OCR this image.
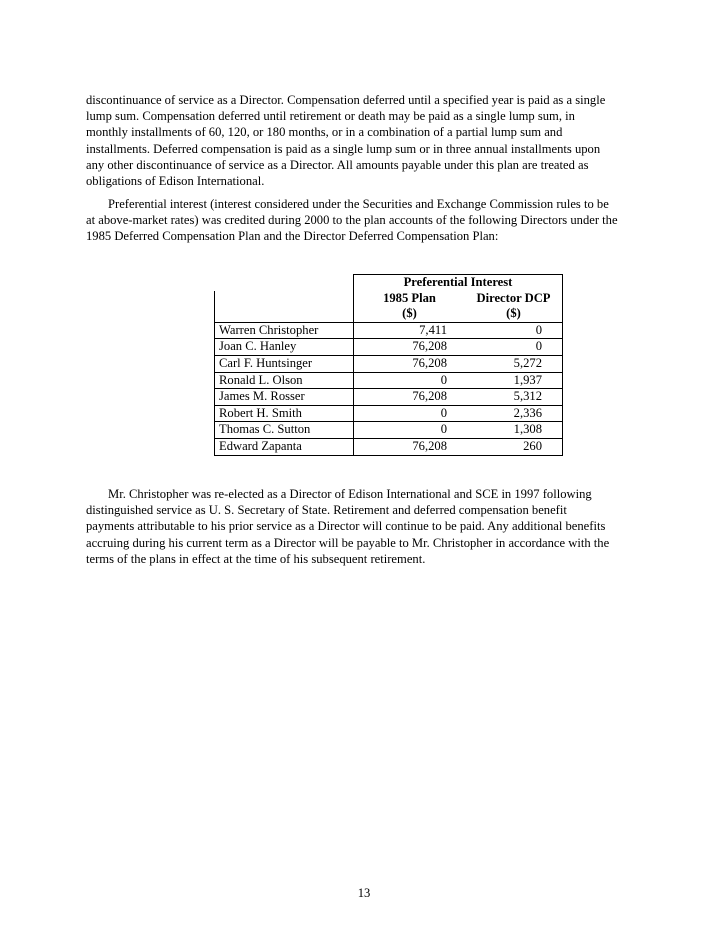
discontinuance of service as a Director. Compensation deferred until a specified year is paid as a single
lump sum. Compensation deferred until retirement or death may be paid as a single lump sum, in
monthly installments of 60, 120, or 180 months, or in a combination of a partial lump sum and
installments. Deferred compensation is paid as a single lump sum or in three annual installments upon
any other discontinuance of service as a Director. All amounts payable under this plan are treated as
obligations of Edison International.
Preferential interest (interest considered under the Securities and Exchange Commission rules to be
at above-market rates) was credited during 2000 to the plan accounts of the following Directors under the
1985 Deferred Compensation Plan and the Director Deferred Compensation Plan:
	Preferential Interest	
	1985 Plan	Director DCP
	($)	($)
Warren Christopher	7,411	0
Joan C. Hanley	76,208	0
Carl F. Huntsinger	76,208	5,272
Ronald L. Olson	0	1,937
James M. Rosser	76,208	5,312
Robert H. Smith	0	2,336
Thomas C. Sutton	0	1,308
Edward Zapanta	76,208	260
Mr. Christopher was re-elected as a Director of Edison International and SCE in 1997 following
distinguished service as U. S. Secretary of State. Retirement and deferred compensation benefit
payments attributable to his prior service as a Director will continue to be paid. Any additional benefits
accruing during his current term as a Director will be payable to Mr. Christopher in accordance with the
terms of the plans in effect at the time of his subsequent retirement.
13
